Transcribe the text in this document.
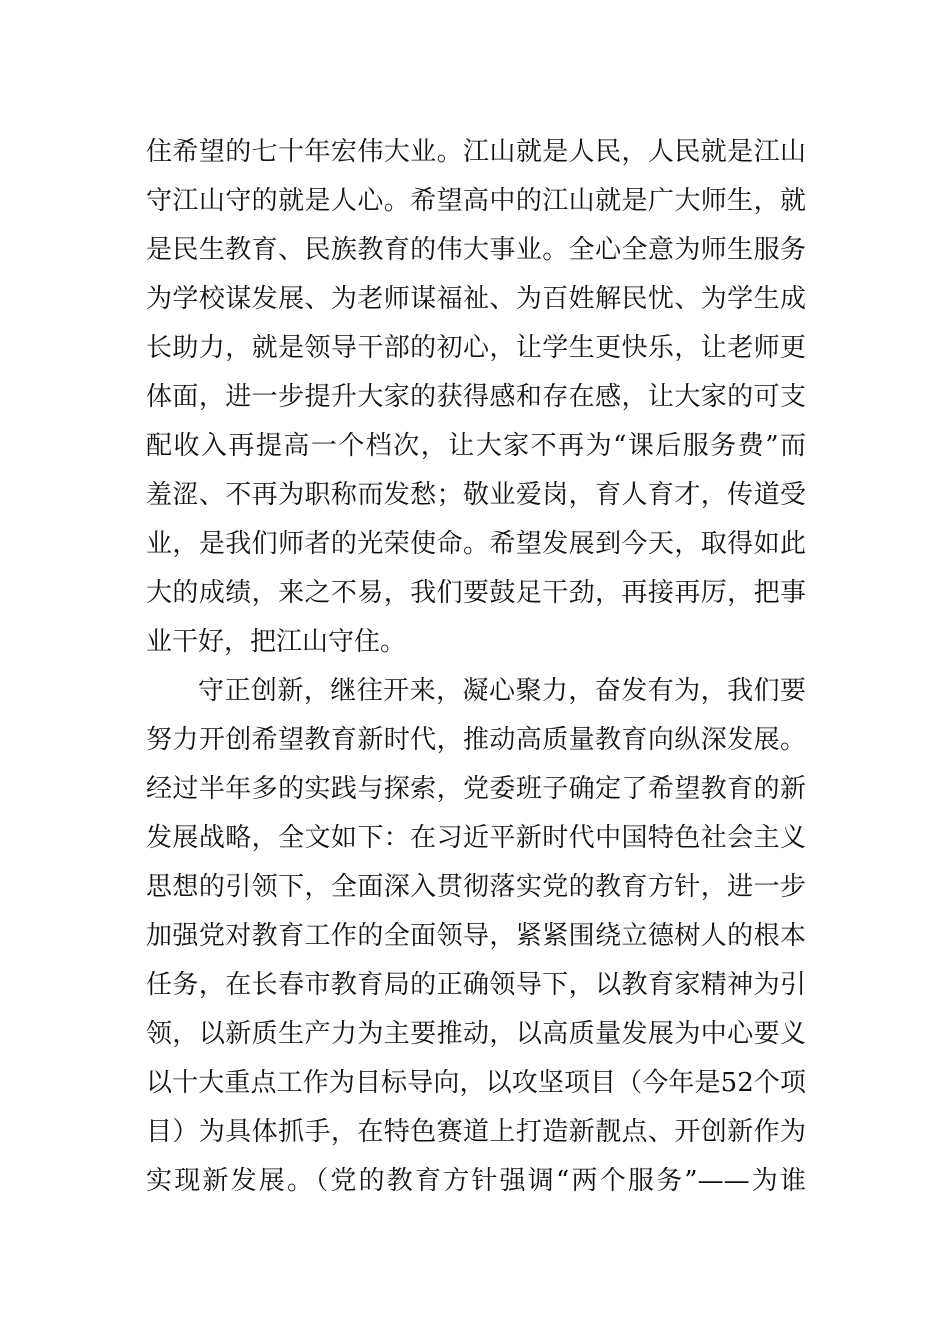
住希望的七十年宏伟大业。江山就是人民，人民就是江山
守江山守的就是人心。希望高中的江山就是广大师生，就
是民生教育、民族教育的伟大事业。全心全意为师生服务
为学校谋发展、为老师谋福祉、为百姓解民忧、为学生成
长助力，就是领导干部的初心，让学生更快乐，让老师更
体面，进一步提升大家的获得感和存在感，让大家的可支
配收入再提高一个档次，让大家不再为“课后服务费”而
羞涩、不再为职称而发愁；敬业爱岗，育人育才，传道受
业，是我们师者的光荣使命。希望发展到今天，取得如此
大的成绩，来之不易，我们要鼓足干劲，再接再厉，把事
业干好，把江山守住。
守正创新，继往开来，凝心聚力，奋发有为，我们要
努力开创希望教育新时代，推动高质量教育向纵深发展。
经过半年多的实践与探索，党委班子确定了希望教育的新
发展战略，全文如下：在习近平新时代中国特色社会主义
思想的引领下，全面深入贯彻落实党的教育方针，进一步
加强党对教育工作的全面领导，紧紧围绕立德树人的根本
任务，在长春市教育局的正确领导下，以教育家精神为引
领，以新质生产力为主要推动，以高质量发展为中心要义
以十大重点工作为目标导向，以攻坚项目（今年是52个项
目）为具体抓手，在特色赛道上打造新靓点、开创新作为
实现新发展。（党的教育方针强调“两个服务”——为谁
